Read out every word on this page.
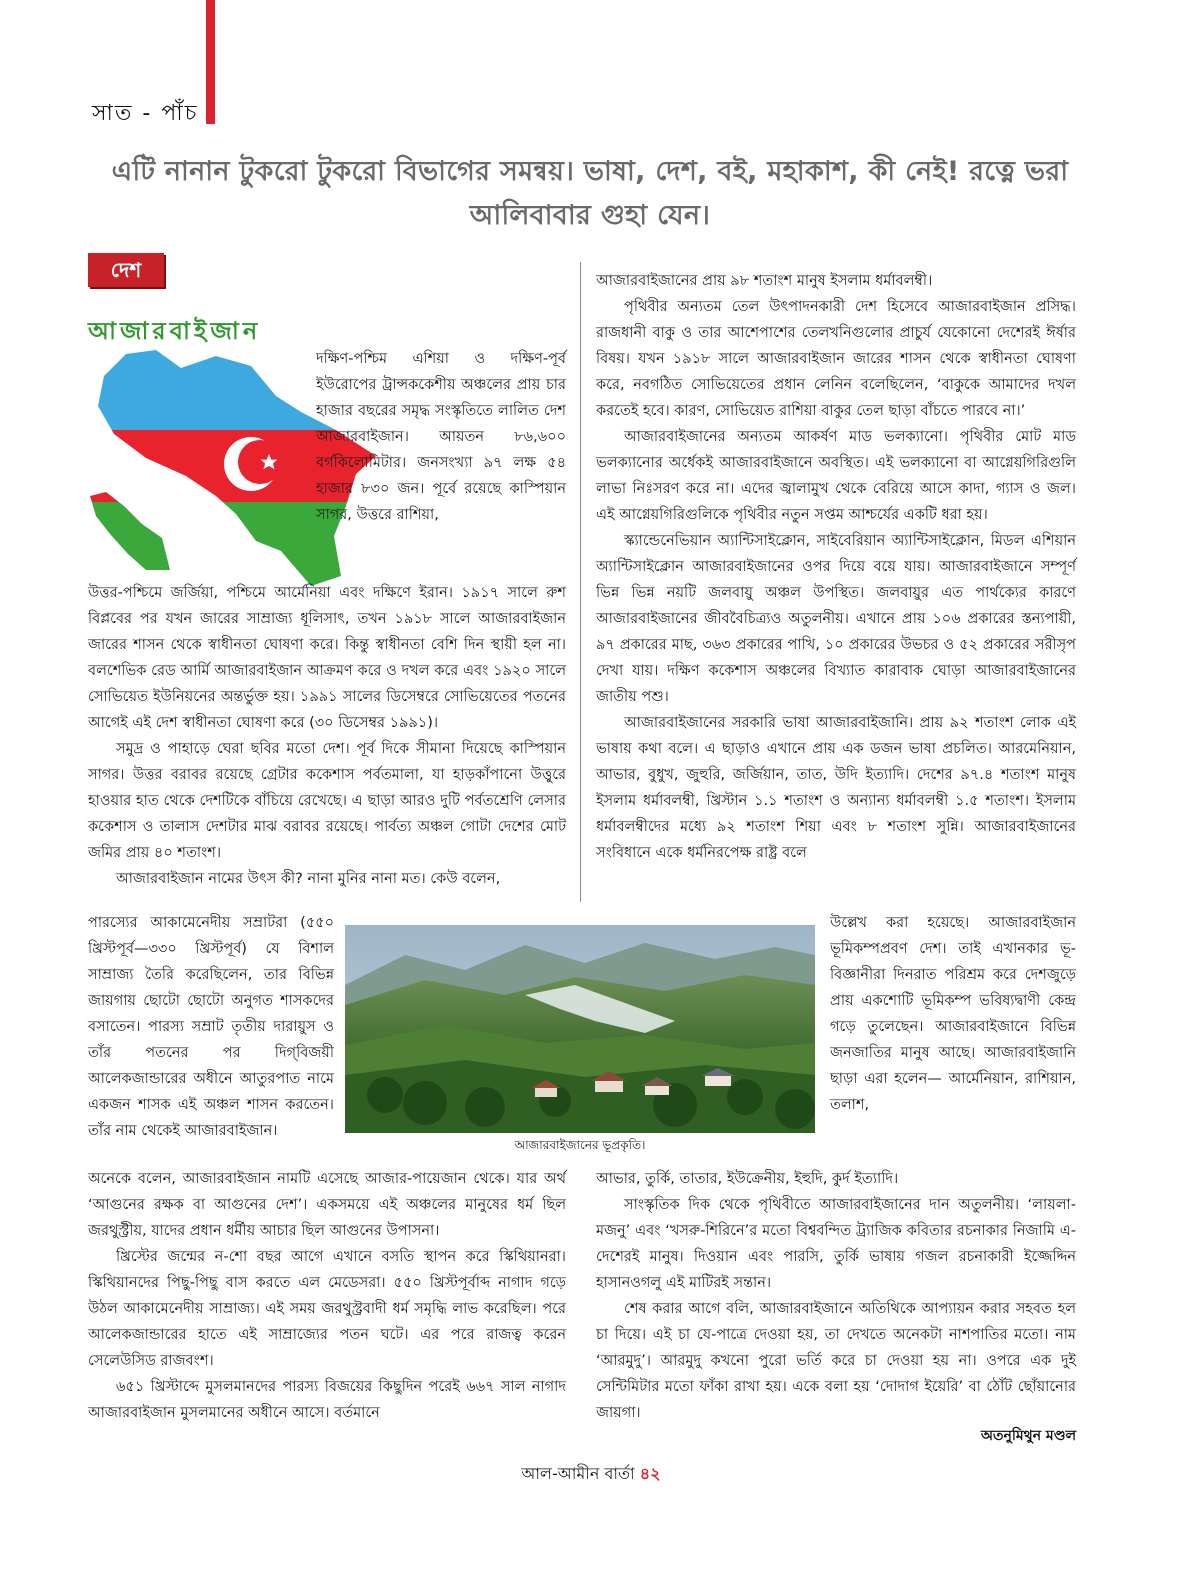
সাত - পাঁচ
এটি নানান টুকরো টুকরো বিভাগের সমন্বয়। ভাষা, দেশ, বই, মহাকাশ, কী নেই! রত্নে ভরা আলিবাবার গুহা যেন।
দেশ
আজারবাইজান

দক্ষিণ-পশ্চিম এশিয়া ও দক্ষিণ-পূর্ব ইউরোপের ট্রান্সককেশীয় অঞ্চলের প্রায় চার হাজার বছরের সমৃদ্ধ সংস্কৃতিতে লালিত দেশ আজারবাইজান। আয়তন ৮৬,৬০০ বর্গকিলোমিটার। জনসংখ্যা ৯৭ লক্ষ ৫৪ হাজার ৮৩০ জন। পূর্বে রয়েছে কাস্পিয়ান সাগর, উত্তরে রাশিয়া,

উত্তর-পশ্চিমে জর্জিয়া, পশ্চিমে আর্মেনিয়া এবং দক্ষিণে ইরান। ১৯১৭ সালে রুশ বিপ্লবের পর যখন জারের সাম্রাজ্য ধূলিসাৎ, তখন ১৯১৮ সালে আজারবাইজান জারের শাসন থেকে স্বাধীনতা ঘোষণা করে। কিন্তু স্বাধীনতা বেশি দিন স্থায়ী হল না। বলশেভিক রেড আর্মি আজারবাইজান আক্রমণ করে ও দখল করে এবং ১৯২০ সালে সোভিয়েত ইউনিয়নের অন্তর্ভুক্ত হয়। ১৯৯১ সালের ডিসেম্বরে সোভিয়েতের পতনের আগেই এই দেশ স্বাধীনতা ঘোষণা করে (৩০ ডিসেম্বর ১৯৯১)।

সমুদ্র ও পাহাড়ে ঘেরা ছবির মতো দেশ। পূর্ব দিকে সীমানা দিয়েছে কাস্পিয়ান সাগর। উত্তর বরাবর রয়েছে গ্রেটার ককেশাস পর্বতমালা, যা হাড়কাঁপানো উত্তুরে হাওয়ার হাত থেকে দেশটিকে বাঁচিয়ে রেখেছে। এ ছাড়া আরও দুটি পর্বতশ্রেণি লেসার ককেশাস ও তালাস দেশটার মাঝ বরাবর রয়েছে। পার্বত্য অঞ্চল গোটা দেশের মোট জমির প্রায় ৪০ শতাংশ।

আজারবাইজান নামের উৎস কী? নানা মুনির নানা মত। কেউ বলেন,

পারস্যের আকামেনেদীয় সম্রাটরা (৫৫০ খ্রিস্টপূর্ব—৩৩০ খ্রিস্টপূর্ব) যে বিশাল সাম্রাজ্য তৈরি করেছিলেন, তার বিভিন্ন জায়গায় ছোটো ছোটো অনুগত শাসকদের বসাতেন। পারস্য সম্রাট তৃতীয় দারায়ুস ও তাঁর পতনের পর দিগ্‌বিজয়ী আলেকজান্ডারের অধীনে আতুরপাত নামে একজন শাসক এই অঞ্চল শাসন করতেন। তাঁর নাম থেকেই আজারবাইজান।

অনেকে বলেন, আজারবাইজান নামটি এসেছে আজার-পায়েজান থেকে। যার অর্থ ‘আগুনের রক্ষক বা আগুনের দেশ’। একসময়ে এই অঞ্চলের মানুষের ধর্ম ছিল জরথুস্ট্রীয়, যাদের প্রধান ধর্মীয় আচার ছিল আগুনের উপাসনা।

খ্রিস্টের জন্মের ন-শো বছর আগে এখানে বসতি স্থাপন করে স্কিথিয়ানরা। স্কিথিয়ানদের পিছু-পিছু বাস করতে এল মেডেসরা। ৫৫০ খ্রিস্টপূর্বাব্দ নাগাদ গড়ে উঠল আকামেনেদীয় সাম্রাজ্য। এই সময় জরথুস্ট্রবাদী ধর্ম সমৃদ্ধি লাভ করেছিল। পরে আলেকজান্ডারের হাতে এই সাম্রাজ্যের পতন ঘটে। এর পরে রাজত্ব করেন সেলেউসিড রাজবংশ।

৬৫১ খ্রিস্টাব্দে মুসলমানদের পারস্য বিজয়ের কিছুদিন পরেই ৬৬৭ সাল নাগাদ আজারবাইজান মুসলমানের অধীনে আসে। বর্তমানে

আজারবাইজানের প্রায় ৯৮ শতাংশ মানুষ ইসলাম ধর্মাবলম্বী।

পৃথিবীর অন্যতম তেল উৎপাদনকারী দেশ হিসেবে আজারবাইজান প্রসিদ্ধ। রাজধানী বাকু ও তার আশেপাশের তেলখনিগুলোর প্রাচুর্য যেকোনো দেশেরই ঈর্ষার বিষয়। যখন ১৯১৮ সালে আজারবাইজান জারের শাসন থেকে স্বাধীনতা ঘোষণা করে, নবগঠিত সোভিয়েতের প্রধান লেনিন বলেছিলেন, ‘বাকুকে আমাদের দখল করতেই হবে। কারণ, সোভিয়েত রাশিয়া বাকুর তেল ছাড়া বাঁচতে পারবে না।’

আজারবাইজানের অন্যতম আকর্ষণ মাড ভলক্যানো। পৃথিবীর মোট মাড ভলক্যানোর অর্ধেকই আজারবাইজানে অবস্থিত। এই ভলক্যানো বা আগ্নেয়গিরিগুলি লাভা নিঃসরণ করে না। এদের জ্বালামুখ থেকে বেরিয়ে আসে কাদা, গ্যাস ও জল। এই আগ্নেয়গিরিগুলিকে পৃথিবীর নতুন সপ্তম আশ্চর্যের একটি ধরা হয়।

স্ক্যান্ডেনেভিয়ান অ্যান্টিসাইক্লোন, সাইবেরিয়ান অ্যান্টিসাইক্লোন, মিডল এশিয়ান অ্যান্টিসাইক্লোন আজারবাইজানের ওপর দিয়ে বয়ে যায়। আজারবাইজানে সম্পূর্ণ ভিন্ন ভিন্ন নয়টি জলবায়ু অঞ্চল উপস্থিত। জলবায়ুর এত পার্থক্যের কারণে আজারবাইজানের জীববৈচিত্র্যও অতুলনীয়। এখানে প্রায় ১০৬ প্রকারের স্তন্যপায়ী, ৯৭ প্রকারের মাছ, ৩৬৩ প্রকারের পাখি, ১০ প্রকারের উভচর ও ৫২ প্রকারের সরীসৃপ দেখা যায়। দক্ষিণ ককেশাস অঞ্চলের বিখ্যাত কারাবাক ঘোড়া আজারবাইজানের জাতীয় পশু।

আজারবাইজানের সরকারি ভাষা আজারবাইজানি। প্রায় ৯২ শতাংশ লোক এই ভাষায় কথা বলে। এ ছাড়াও এখানে প্রায় এক ডজন ভাষা প্রচলিত। আরমেনিয়ান, আভার, বুধুখ, জুহুরি, জর্জিয়ান, তাত, উদি ইত্যাদি। দেশের ৯৭.৪ শতাংশ মানুষ ইসলাম ধর্মাবলম্বী, খ্রিস্টান ১.১ শতাংশ ও অন্যান্য ধর্মাবলম্বী ১.৫ শতাংশ। ইসলাম ধর্মাবলম্বীদের মধ্যে ৯২ শতাংশ শিয়া এবং ৮ শতাংশ সুন্নি। আজারবাইজানের সংবিধানে একে ধর্মনিরপেক্ষ রাষ্ট্র বলে

উল্লেখ করা হয়েছে। আজারবাইজান ভূমিকম্পপ্রবণ দেশ। তাই এখানকার ভূ-বিজ্ঞানীরা দিনরাত পরিশ্রম করে দেশজুড়ে প্রায় একশোটি ভূমিকম্প ভবিষ্যদ্বাণী কেন্দ্র গড়ে তুলেছেন। আজারবাইজানে বিভিন্ন জনজাতির মানুষ আছে। আজারবাইজানি ছাড়া এরা হলেন— আর্মেনিয়ান, রাশিয়ান, তলাশ,

আভার, তুর্কি, তাতার, ইউক্রেনীয়, ইহুদি, কুর্দ ইত্যাদি।

সাংস্কৃতিক দিক থেকে পৃথিবীতে আজারবাইজানের দান অতুলনীয়। ‘লায়লা-মজনু’ এবং ‘খসরু-শিরিনে’র মতো বিশ্ববন্দিত ট্র্যাজিক কবিতার রচনাকার নিজামি এ-দেশেরই মানুষ। দিওয়ান এবং পারসি, তুর্কি ভাষায় গজল রচনাকারী ইজ্জেদ্দিন হাসানওগলু এই মাটিরই সন্তান।

শেষ করার আগে বলি, আজারবাইজানে অতিথিকে আপ্যায়ন করার সহবত হল চা দিয়ে। এই চা যে-পাত্রে দেওয়া হয়, তা দেখতে অনেকটা নাশপাতির মতো। নাম ‘আরমুদু’। আরমুদু কখনো পুরো ভর্তি করে চা দেওয়া হয় না। ওপরে এক দুই সেন্টিমিটার মতো ফাঁকা রাখা হয়। একে বলা হয় ‘দোদাগ ইয়েরি’ বা ঠোঁট ছোঁয়ানোর জায়গা।

আজারবাইজানের ভূপ্রকৃতি।
অতনুমিথুন মণ্ডল
আল-আমীন বার্তা ৪২
